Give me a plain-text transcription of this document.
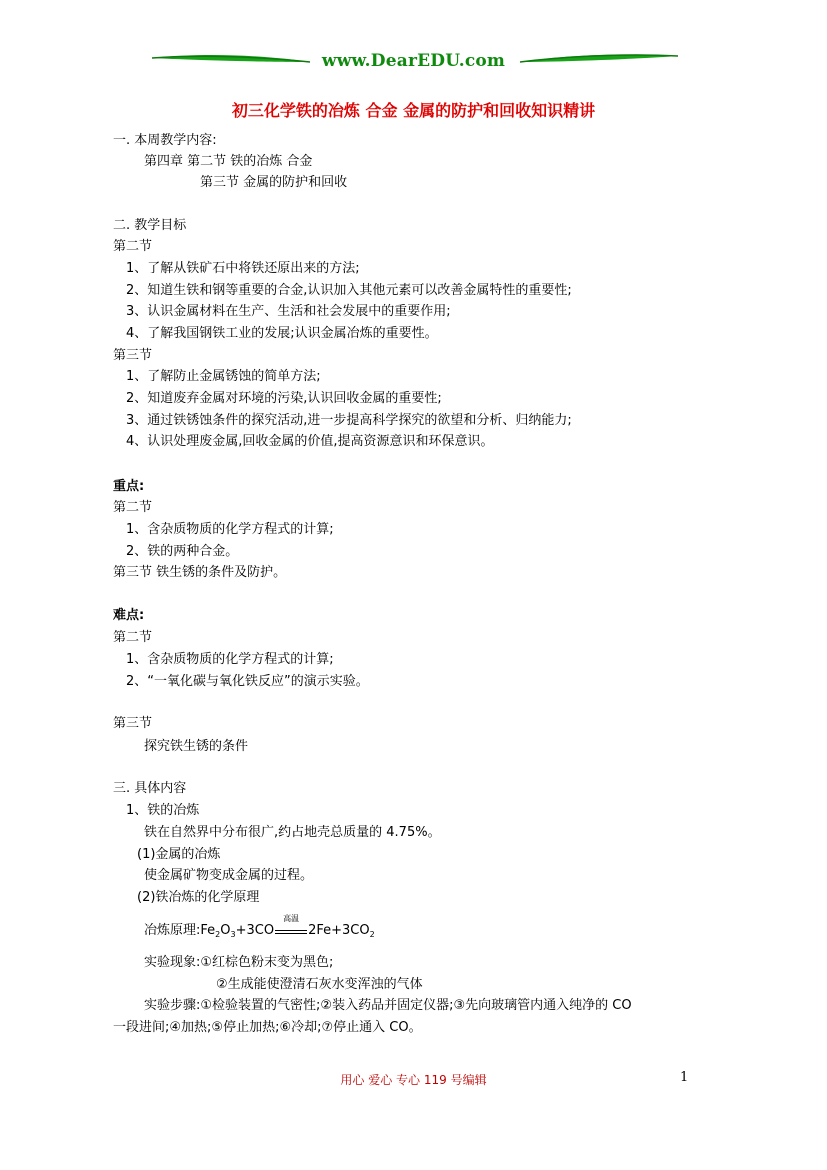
www.DearEDU.com
初三化学铁的冶炼 合金 金属的防护和回收知识精讲
一. 本周教学内容:
第四章 第二节 铁的冶炼 合金
第三节 金属的防护和回收
二. 教学目标
第二节
1、了解从铁矿石中将铁还原出来的方法;
2、知道生铁和钢等重要的合金,认识加入其他元素可以改善金属特性的重要性;
3、认识金属材料在生产、生活和社会发展中的重要作用;
4、了解我国钢铁工业的发展;认识金属冶炼的重要性。
第三节
1、了解防止金属锈蚀的简单方法;
2、知道废弃金属对环境的污染,认识回收金属的重要性;
3、通过铁锈蚀条件的探究活动,进一步提高科学探究的欲望和分析、归纳能力;
4、认识处理废金属,回收金属的价值,提高资源意识和环保意识。
重点:
第二节
1、含杂质物质的化学方程式的计算;
2、铁的两种合金。
第三节 铁生锈的条件及防护。
难点:
第二节
1、含杂质物质的化学方程式的计算;
2、“一氧化碳与氧化铁反应”的演示实验。
第三节
探究铁生锈的条件
三. 具体内容
1、铁的冶炼
铁在自然界中分布很广,约占地壳总质量的 4.75%。
(1)金属的冶炼
使金属矿物变成金属的过程。
(2)铁冶炼的化学原理
冶炼原理$:Fe_2O_3+3CO$
高温
$2Fe+3CO_2$
实验现象:①红棕色粉末变为黑色;
②生成能使澄清石灰水变浑浊的气体
实验步骤:①检验装置的气密性;②装入药品并固定仪器;③先向玻璃管内通入纯净的 CO
一段进间;④加热;⑤停止加热;⑥冷却;⑦停止通入 CO。
用心 爱心 专心 119 号编辑	1
